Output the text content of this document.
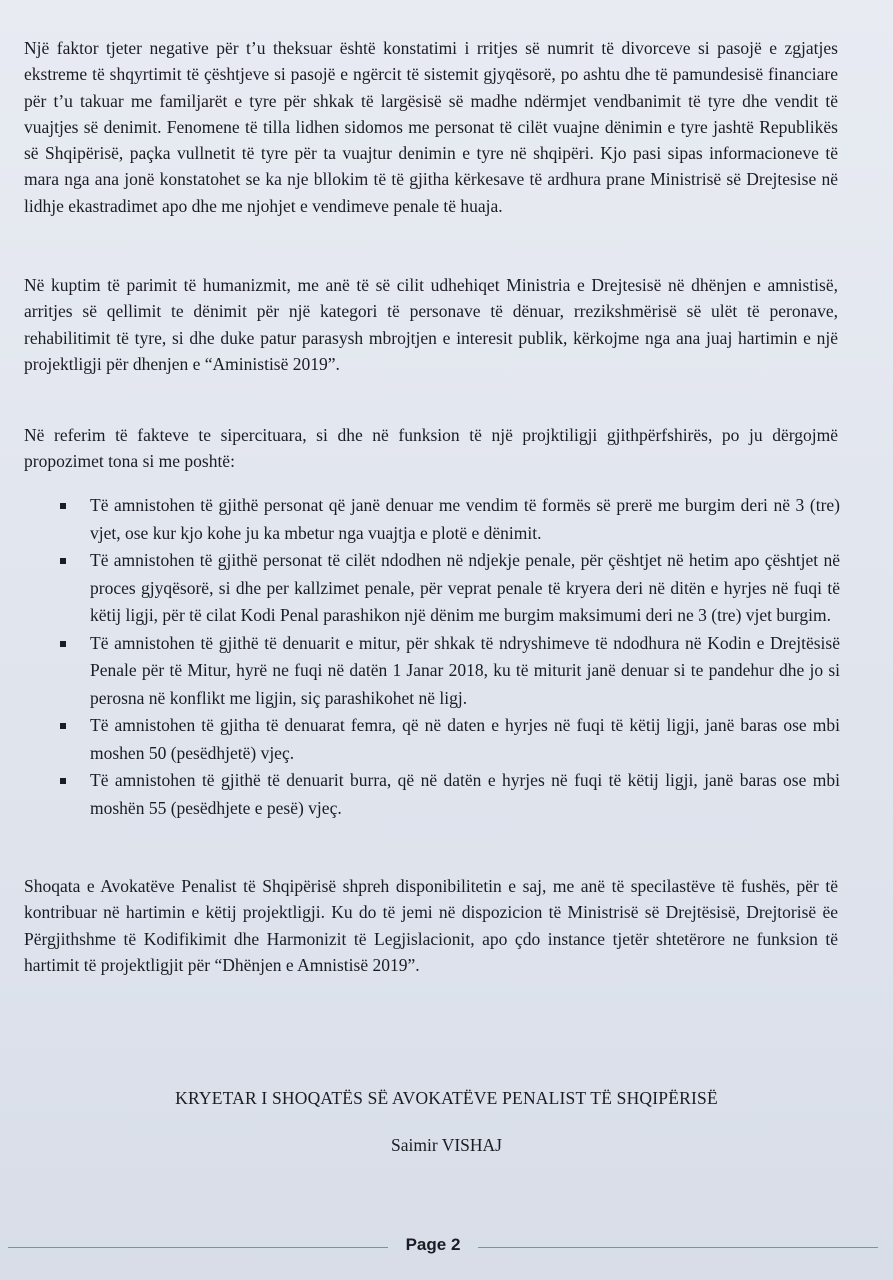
Një faktor tjeter negative për t’u theksuar është konstatimi i rritjes së numrit të divorceve si pasojë e zgjatjes ekstreme të shqyrtimit të çështjeve si pasojë e ngërcit të sistemit gjyqësorë, po ashtu dhe të pamundesisë financiare për t’u takuar me familjarët e tyre për shkak të largësisë së madhe ndërmjet vendbanimit të tyre dhe vendit të vuajtjes së denimit. Fenomene të tilla lidhen sidomos me personat të cilët vuajne dënimin e tyre jashtë Republikës së Shqipërisë, paçka vullnetit të tyre për ta vuajtur denimin e tyre në shqipëri. Kjo pasi sipas informacioneve të mara nga ana jonë konstatohet se ka nje bllokim të të gjitha kërkesave të ardhura prane Ministrisë së Drejtesise në lidhje ekastradimet apo dhe me njohjet e vendimeve penale të huaja.

Në kuptim të parimit të humanizmit, me anë të së cilit udhehiqet Ministria e Drejtesisë në dhënjen e amnistisë, arritjes së qellimit te dënimit për një kategori të personave të dënuar, rrezikshmërisë së ulët të peronave, rehabilitimit të tyre, si dhe duke patur parasysh mbrojtjen e interesit publik, kërkojme nga ana juaj hartimin e një projektligji për dhenjen e “Aministisë 2019”.

Në referim të fakteve te sipercituara, si dhe në funksion të një projktiligji gjithpërfshirës, po ju dërgojmë propozimet tona si me poshtë:

Të amnistohen të gjithë personat që janë denuar me vendim të formës së prerë me burgim deri në 3 (tre) vjet, ose kur kjo kohe ju ka mbetur nga vuajtja e plotë e dënimit.
Të amnistohen të gjithë personat të cilët ndodhen në ndjekje penale, për çështjet në hetim apo çështjet në proces gjyqësorë, si dhe per kallzimet penale, për veprat penale të kryera deri në ditën e hyrjes në fuqi të këtij ligji, për të cilat Kodi Penal parashikon një dënim me burgim maksimumi deri ne 3 (tre) vjet burgim.
Të amnistohen të gjithë të denuarit e mitur, për shkak të ndryshimeve të ndodhura në Kodin e Drejtësisë Penale për të Mitur, hyrë ne fuqi në datën 1 Janar 2018, ku të miturit janë denuar si te pandehur dhe jo si perosna në konflikt me ligjin, siç parashikohet në ligj.
Të amnistohen të gjitha të denuarat femra, që në daten e hyrjes në fuqi të këtij ligji, janë baras ose mbi moshen 50 (pesëdhjetë) vjeç.
Të amnistohen të gjithë të denuarit burra, që në datën e hyrjes në fuqi të këtij ligji, janë baras ose mbi moshën 55 (pesëdhjete e pesë) vjeç.

Shoqata e Avokatëve Penalist të Shqipërisë shpreh disponibilitetin e saj, me anë të specilastëve të fushës, për të kontribuar në hartimin e këtij projektligji. Ku do të jemi në dispozicion të Ministrisë së Drejtësisë, Drejtorisë ëe Përgjithshme të Kodifikimit dhe Harmonizit të Legjislacionit, apo çdo instance tjetër shtetërore ne funksion të hartimit të projektligjit për “Dhënjen e Amnistisë 2019”.

KRYETAR I SHOQATËS SË AVOKATËVE PENALIST TË SHQIPËRISË
Saimir VISHAJ
Page 2
